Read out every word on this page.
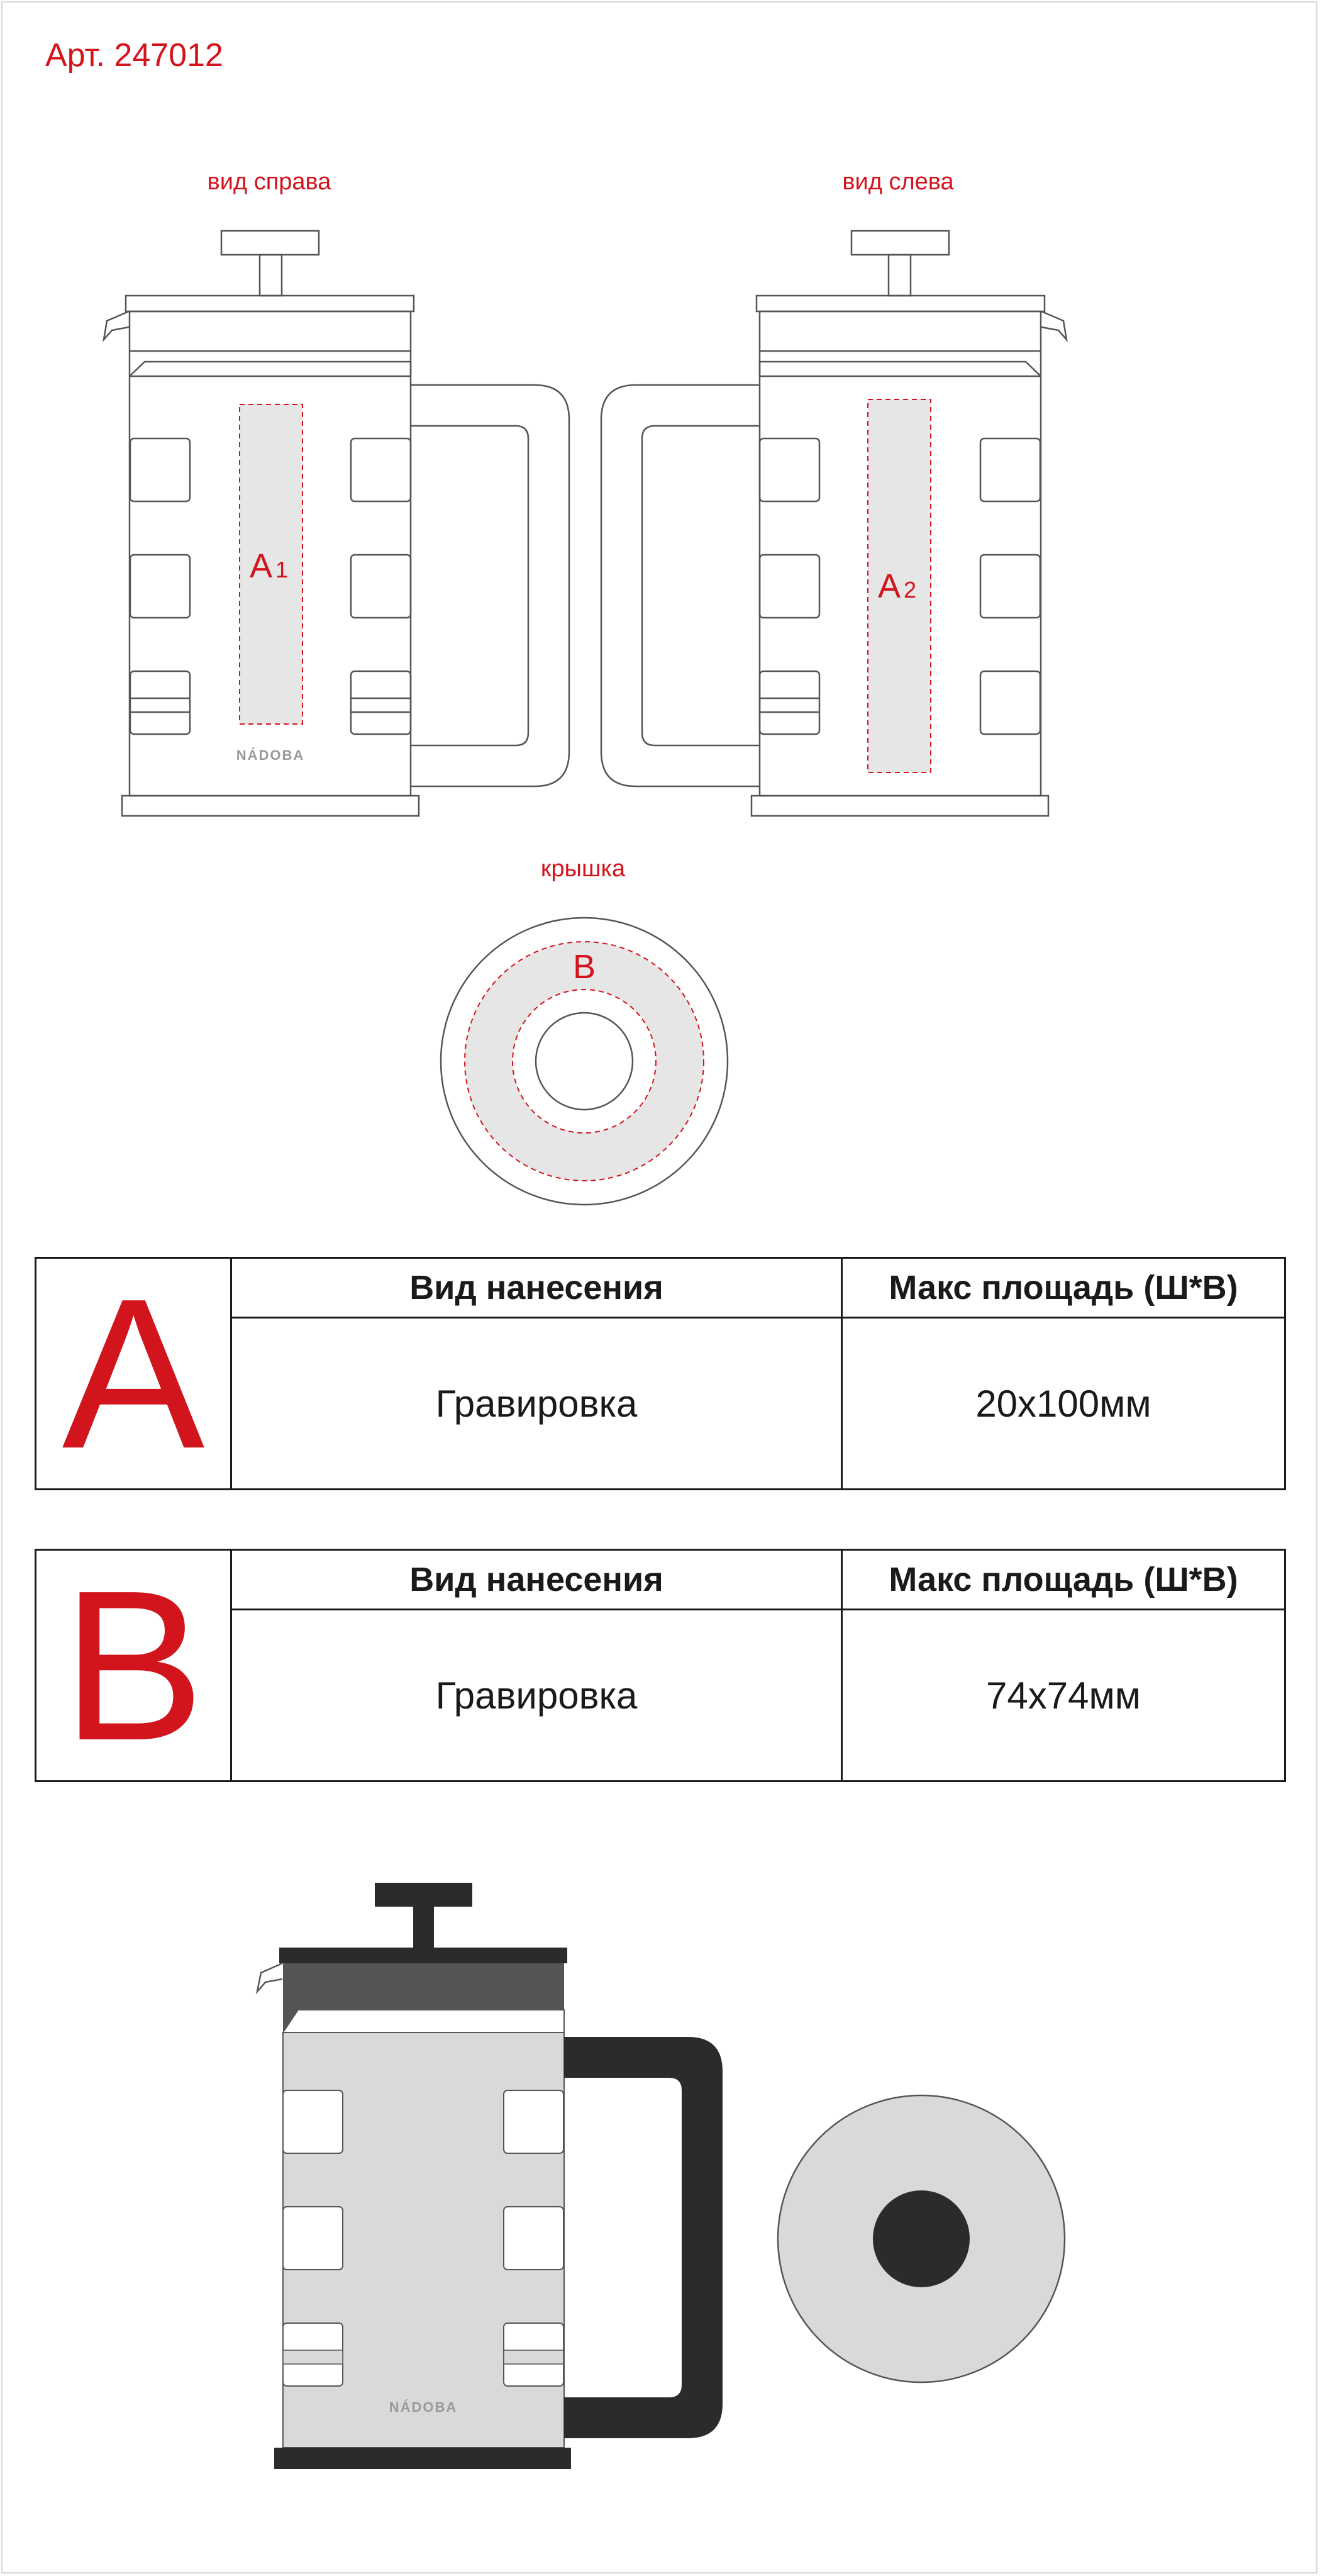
Арт. 247012
вид справа	вид слева
крышка
A 1
NÁDOBA
A 2
B
NÁDOBA
A	Вид нанесения	Макс площадь (Ш*В)
Гравировка	20x100мм
B	Вид нанесения	Макс площадь (Ш*В)
Гравировка	74x74мм
